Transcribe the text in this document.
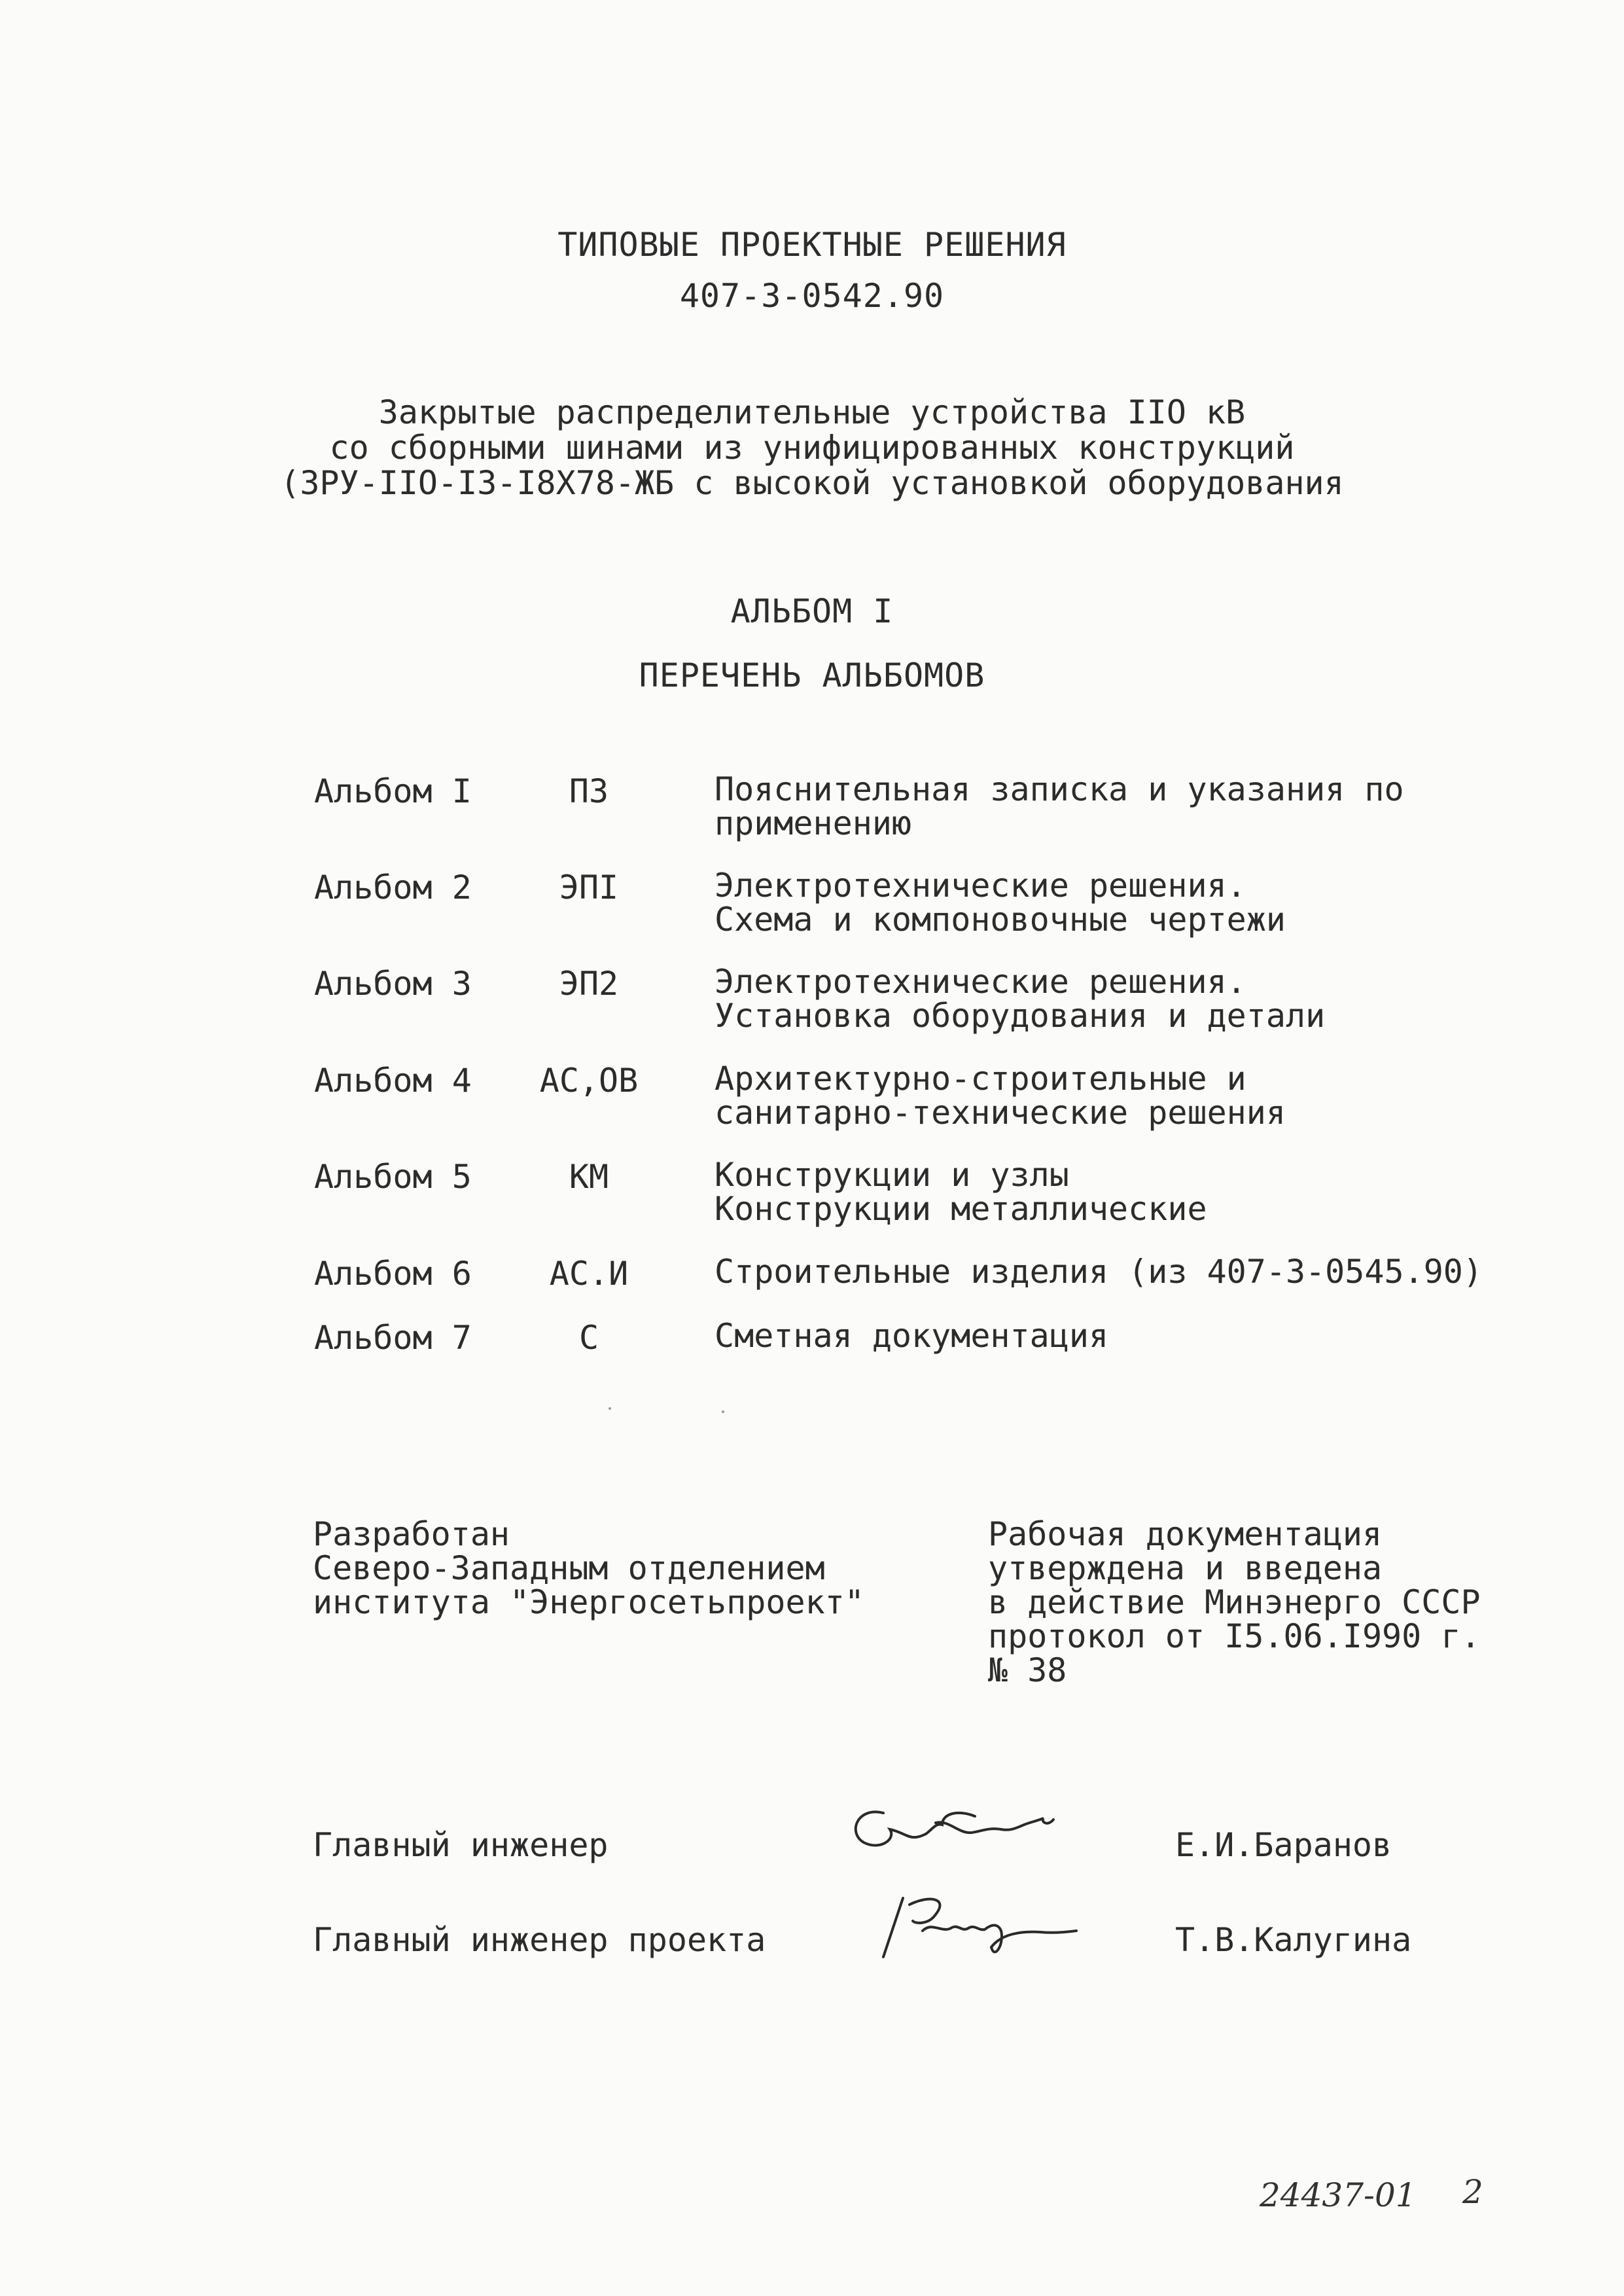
ТИПОВЫЕ ПРОЕКТНЫЕ РЕШЕНИЯ
407-3-0542.90
Закрытые распределительные устройства IIO кВ
со сборными шинами из унифицированных конструкций
(ЗРУ-IIO-I3-I8X78-ЖБ с высокой установкой оборудования
АЛЬБОМ I
ПЕРЕЧЕНЬ АЛЬБОМОВ
Альбом I	ПЗ	Пояснительная записка и указания по
применению
Альбом 2	ЭПI	Электротехнические решения.
Схема и компоновочные чертежи
Альбом 3	ЭП2	Электротехнические решения.
Установка оборудования и детали
Альбом 4	АС,ОВ	Архитектурно-строительные и
санитарно-технические решения
Альбом 5	КМ	Конструкции и узлы
Конструкции металлические
Альбом 6	АС.И	Строительные изделия (из 407-3-0545.90)
Альбом 7	С	Сметная документация
Разработан
Северо-Западным отделением
института "Энергосетьпроект"
Рабочая документация
утверждена и введена
в действие Минэнерго СССР
протокол от I5.06.I990 г.
№ 38
Главный инженер	Е.И.Баранов
Главный инженер проекта	Т.В.Калугина
24437-01 2
